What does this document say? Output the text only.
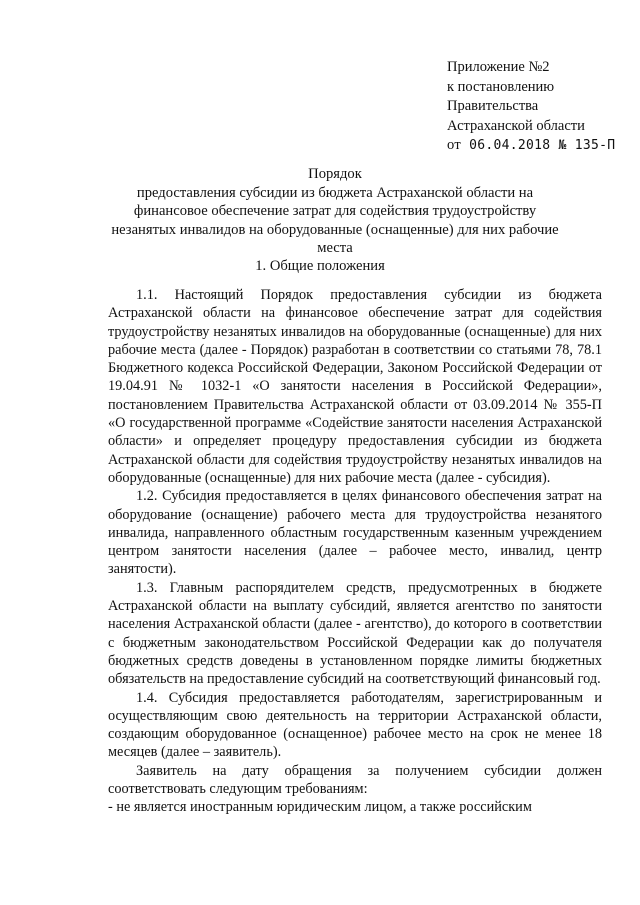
Приложение №2
к постановлению
Правительства
Астраханской области
от 06.04.2018 № 135-П
Порядок
предоставления субсидии из бюджета Астраханской области на финансовое обеспечение затрат для содействия трудоустройству незанятых инвалидов на оборудованные (оснащенные) для них рабочие места
1. Общие положения

1.1. Настоящий Порядок предоставления субсидии из бюджета Астраханской области на финансовое обеспечение затрат для содействия трудоустройству незанятых инвалидов на оборудованные (оснащенные) для них рабочие места (далее - Порядок) разработан в соответствии со статьями 78, 78.1 Бюджетного кодекса Российской Федерации, Законом Российской Федерации от 19.04.91 № 1032-1 «О занятости населения в Российской Федерации», постановлением Правительства Астраханской области от 03.09.2014 № 355-П «О государственной программе «Содействие занятости населения Астраханской области» и определяет процедуру предоставления субсидии из бюджета Астраханской области для содействия трудоустройству незанятых инвалидов на оборудованные (оснащенные) для них рабочие места (далее - субсидия).

1.2. Субсидия предоставляется в целях финансового обеспечения затрат на оборудование (оснащение) рабочего места для трудоустройства незанятого инвалида, направленного областным государственным казенным учреждением центром занятости населения (далее – рабочее место, инвалид, центр занятости).

1.3. Главным распорядителем средств, предусмотренных в бюджете Астраханской области на выплату субсидий, является агентство по занятости населения Астраханской области (далее - агентство), до которого в соответствии с бюджетным законодательством Российской Федерации как до получателя бюджетных средств доведены в установленном порядке лимиты бюджетных обязательств на предоставление субсидий на соответствующий финансовый год.

1.4. Субсидия предоставляется работодателям, зарегистрированным и осуществляющим свою деятельность на территории Астраханской области, создающим оборудованное (оснащенное) рабочее место на срок не менее 18 месяцев (далее – заявитель).

Заявитель на дату обращения за получением субсидии должен соответствовать следующим требованиям:

- не является иностранным юридическим лицом, а также российским
